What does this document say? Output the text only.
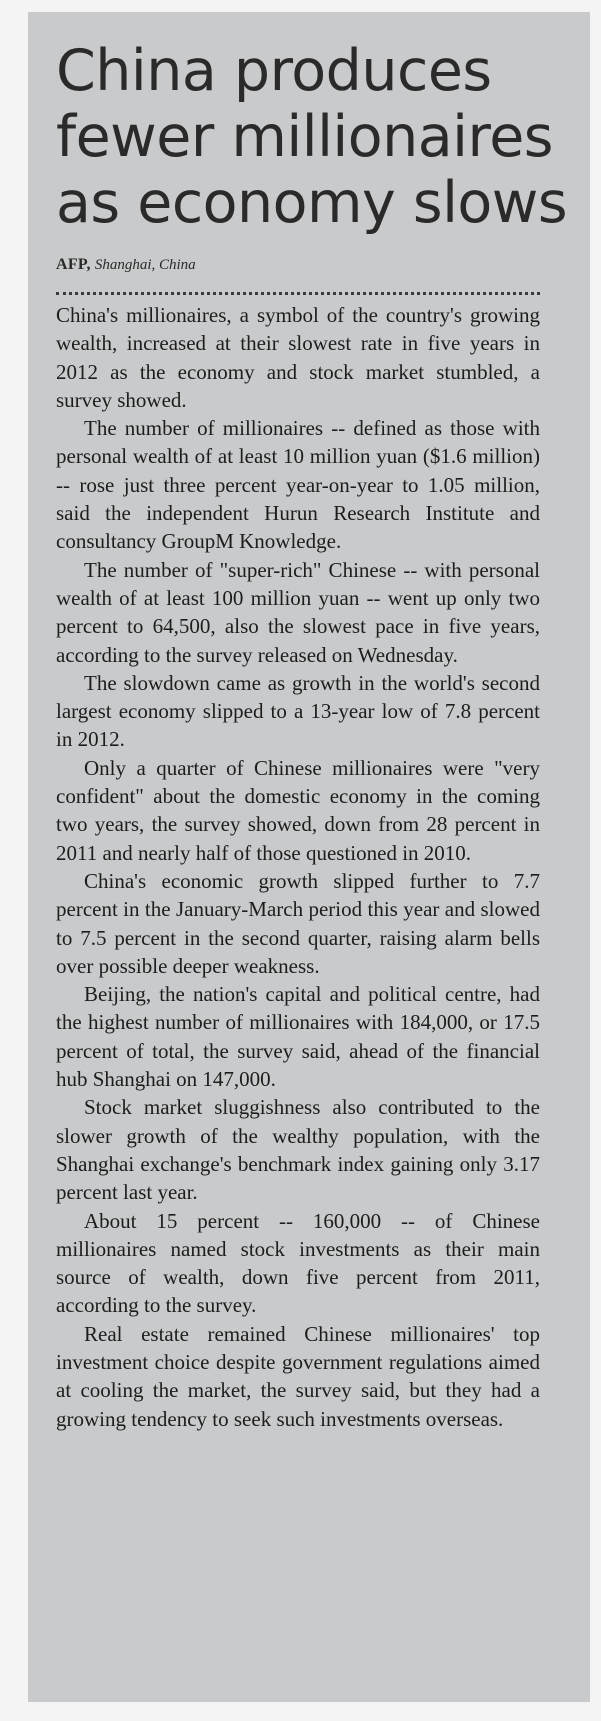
China produces
fewer millionaires
as economy slows
AFP, Shanghai, China

China's millionaires, a symbol of the country's growing wealth, increased at their slowest rate in five years in 2012 as the economy and stock market stumbled, a survey showed.

The number of millionaires -- defined as those with personal wealth of at least 10 million yuan ($1.6 million) -- rose just three percent year-on-year to 1.05 million, said the independent Hurun Research Institute and consultancy GroupM Knowledge.

The number of "super-rich" Chinese -- with personal wealth of at least 100 million yuan -- went up only two percent to 64,500, also the slowest pace in five years, according to the survey released on Wednesday.

The slowdown came as growth in the world's second largest economy slipped to a 13-year low of 7.8 percent in 2012.

Only a quarter of Chinese millionaires were "very confident" about the domestic economy in the coming two years, the survey showed, down from 28 percent in 2011 and nearly half of those questioned in 2010.

China's economic growth slipped further to 7.7 percent in the January-March period this year and slowed to 7.5 percent in the second quarter, raising alarm bells over possible deeper weakness.

Beijing, the nation's capital and political centre, had the highest number of millionaires with 184,000, or 17.5 percent of total, the survey said, ahead of the financial hub Shanghai on 147,000.

Stock market sluggishness also contributed to the slower growth of the wealthy population, with the Shanghai exchange's benchmark index gaining only 3.17 percent last year.

About 15 percent -- 160,000 -- of Chinese millionaires named stock investments as their main source of wealth, down five percent from 2011, according to the survey.

Real estate remained Chinese millionaires' top investment choice despite government regulations aimed at cooling the market, the survey said, but they had a growing tendency to seek such investments overseas.
